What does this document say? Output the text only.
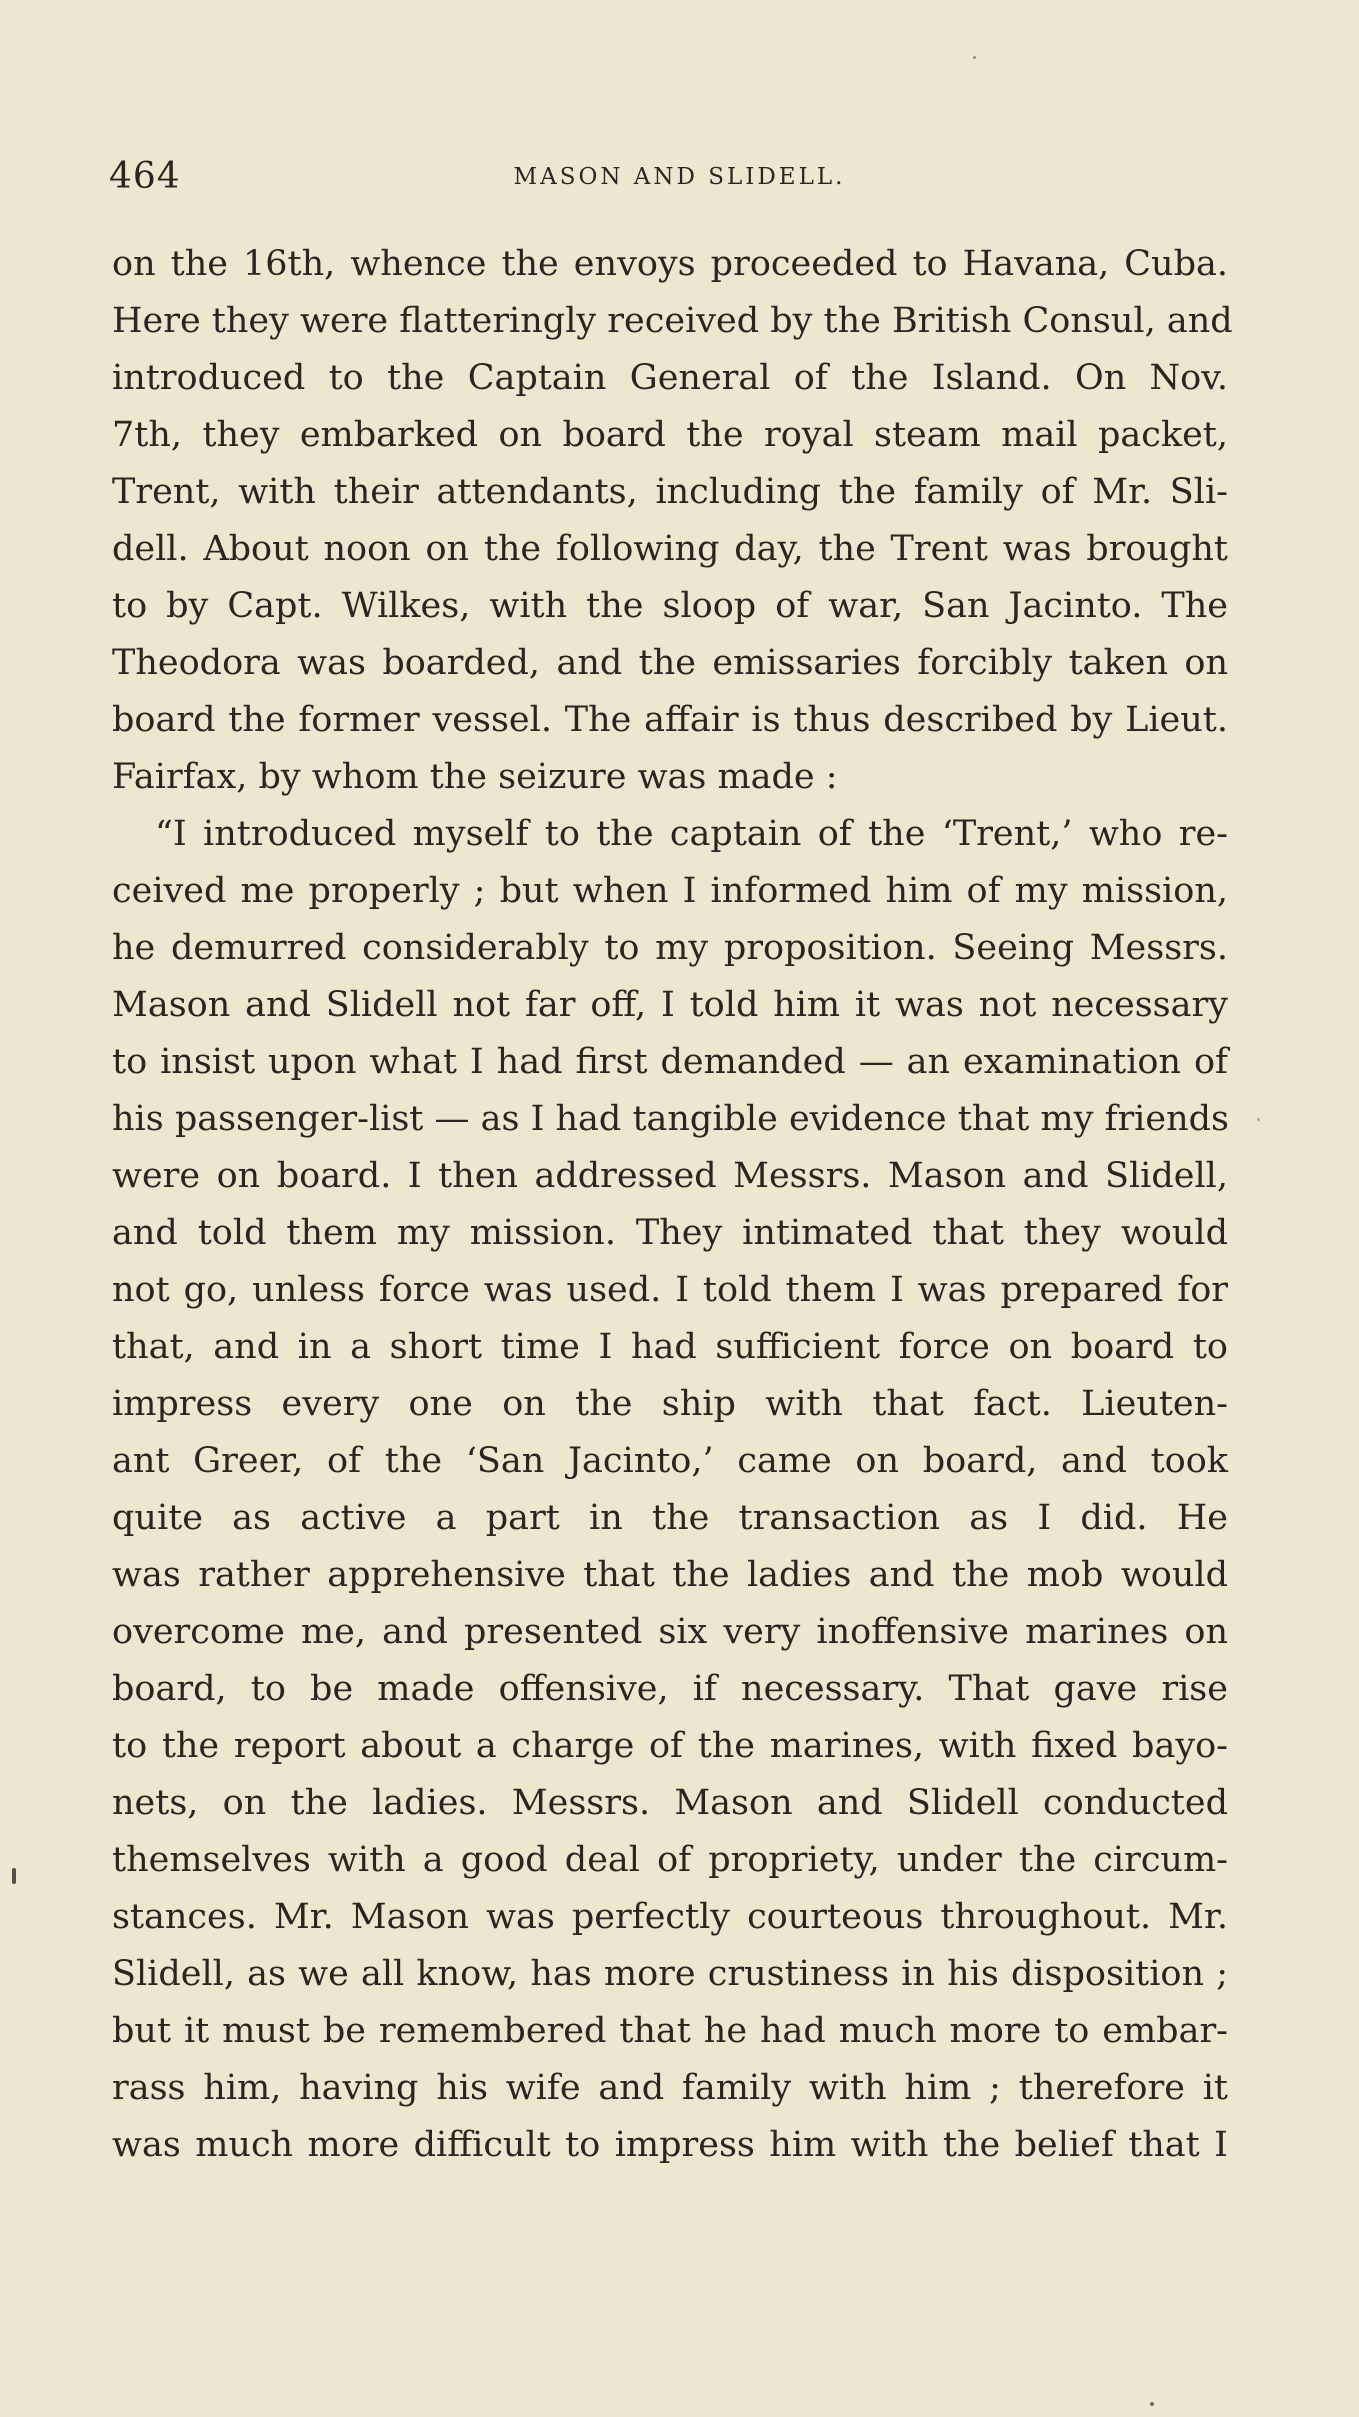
464	MASON AND SLIDELL.
on the 16th, whence the envoys proceeded to Havana, Cuba.
Here they were flatteringly received by the British Consul, and
introduced to the Captain General of the Island. On Nov.
7th, they embarked on board the royal steam mail packet,
Trent, with their attendants, including the family of Mr. Sli-
dell. About noon on the following day, the Trent was brought
to by Capt. Wilkes, with the sloop of war, San Jacinto. The
Theodora was boarded, and the emissaries forcibly taken on
board the former vessel. The affair is thus described by Lieut.
Fairfax, by whom the seizure was made :
“I introduced myself to the captain of the ‘Trent,’ who re-
ceived me properly ; but when I informed him of my mission,
he demurred considerably to my proposition. Seeing Messrs.
Mason and Slidell not far off, I told him it was not necessary
to insist upon what I had first demanded — an examination of
his passenger-list — as I had tangible evidence that my friends
were on board. I then addressed Messrs. Mason and Slidell,
and told them my mission. They intimated that they would
not go, unless force was used. I told them I was prepared for
that, and in a short time I had sufficient force on board to
impress every one on the ship with that fact. Lieuten-
ant Greer, of the ‘San Jacinto,’ came on board, and took
quite as active a part in the transaction as I did. He
was rather apprehensive that the ladies and the mob would
overcome me, and presented six very inoffensive marines on
board, to be made offensive, if necessary. That gave rise
to the report about a charge of the marines, with fixed bayo-
nets, on the ladies. Messrs. Mason and Slidell conducted
themselves with a good deal of propriety, under the circum-
stances. Mr. Mason was perfectly courteous throughout. Mr.
Slidell, as we all know, has more crustiness in his disposition ;
but it must be remembered that he had much more to embar-
rass him, having his wife and family with him ; therefore it
was much more difficult to impress him with the belief that I
